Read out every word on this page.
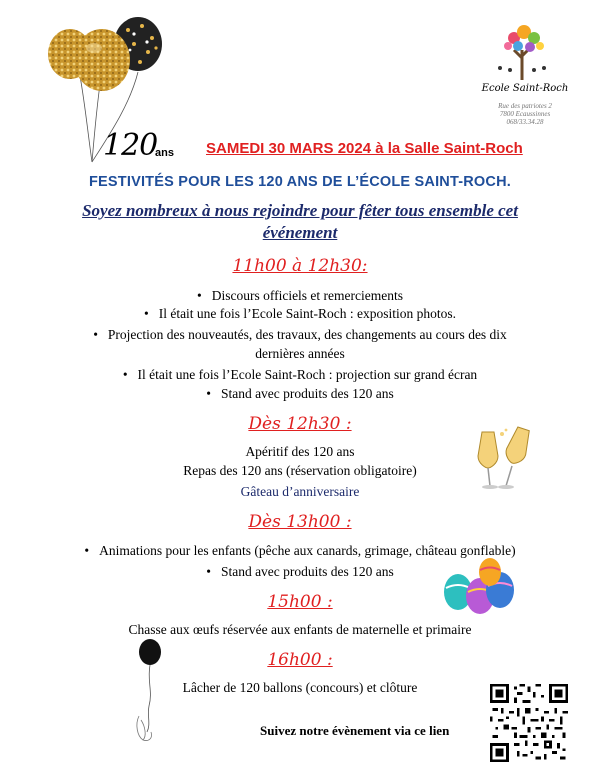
Ecole Saint-Roch
Rue des patriotes 2
7800 Ecaussinnes
068/33.34.28
120
ans SAMEDI 30 MARS 2024 à la Salle Saint-Roch
FESTIVITÉS POUR LES 120 ANS DE L’ÉCOLE SAINT-ROCH.
Soyez nombreux à nous rejoindre pour fêter tous ensemble cet
événement
11h00 à 12h30:
• Discours officiels et remerciements
• Il était une fois l’Ecole Saint-Roch : exposition photos.
• Projection des nouveautés, des travaux, des changements au cours des dix
dernières années
• Il était une fois l’Ecole Saint-Roch : projection sur grand écran
• Stand avec produits des 120 ans
Dès 12h30 :
Apéritif des 120 ans
Repas des 120 ans (réservation obligatoire)
Gâteau d’anniversaire
Dès 13h00 :
• Animations pour les enfants (pêche aux canards, grimage, château gonflable)
• Stand avec produits des 120 ans
15h00 :
Chasse aux œufs réservée aux enfants de maternelle et primaire
16h00 :
Lâcher de 120 ballons (concours) et clôture
Suivez notre évènement via ce lien
